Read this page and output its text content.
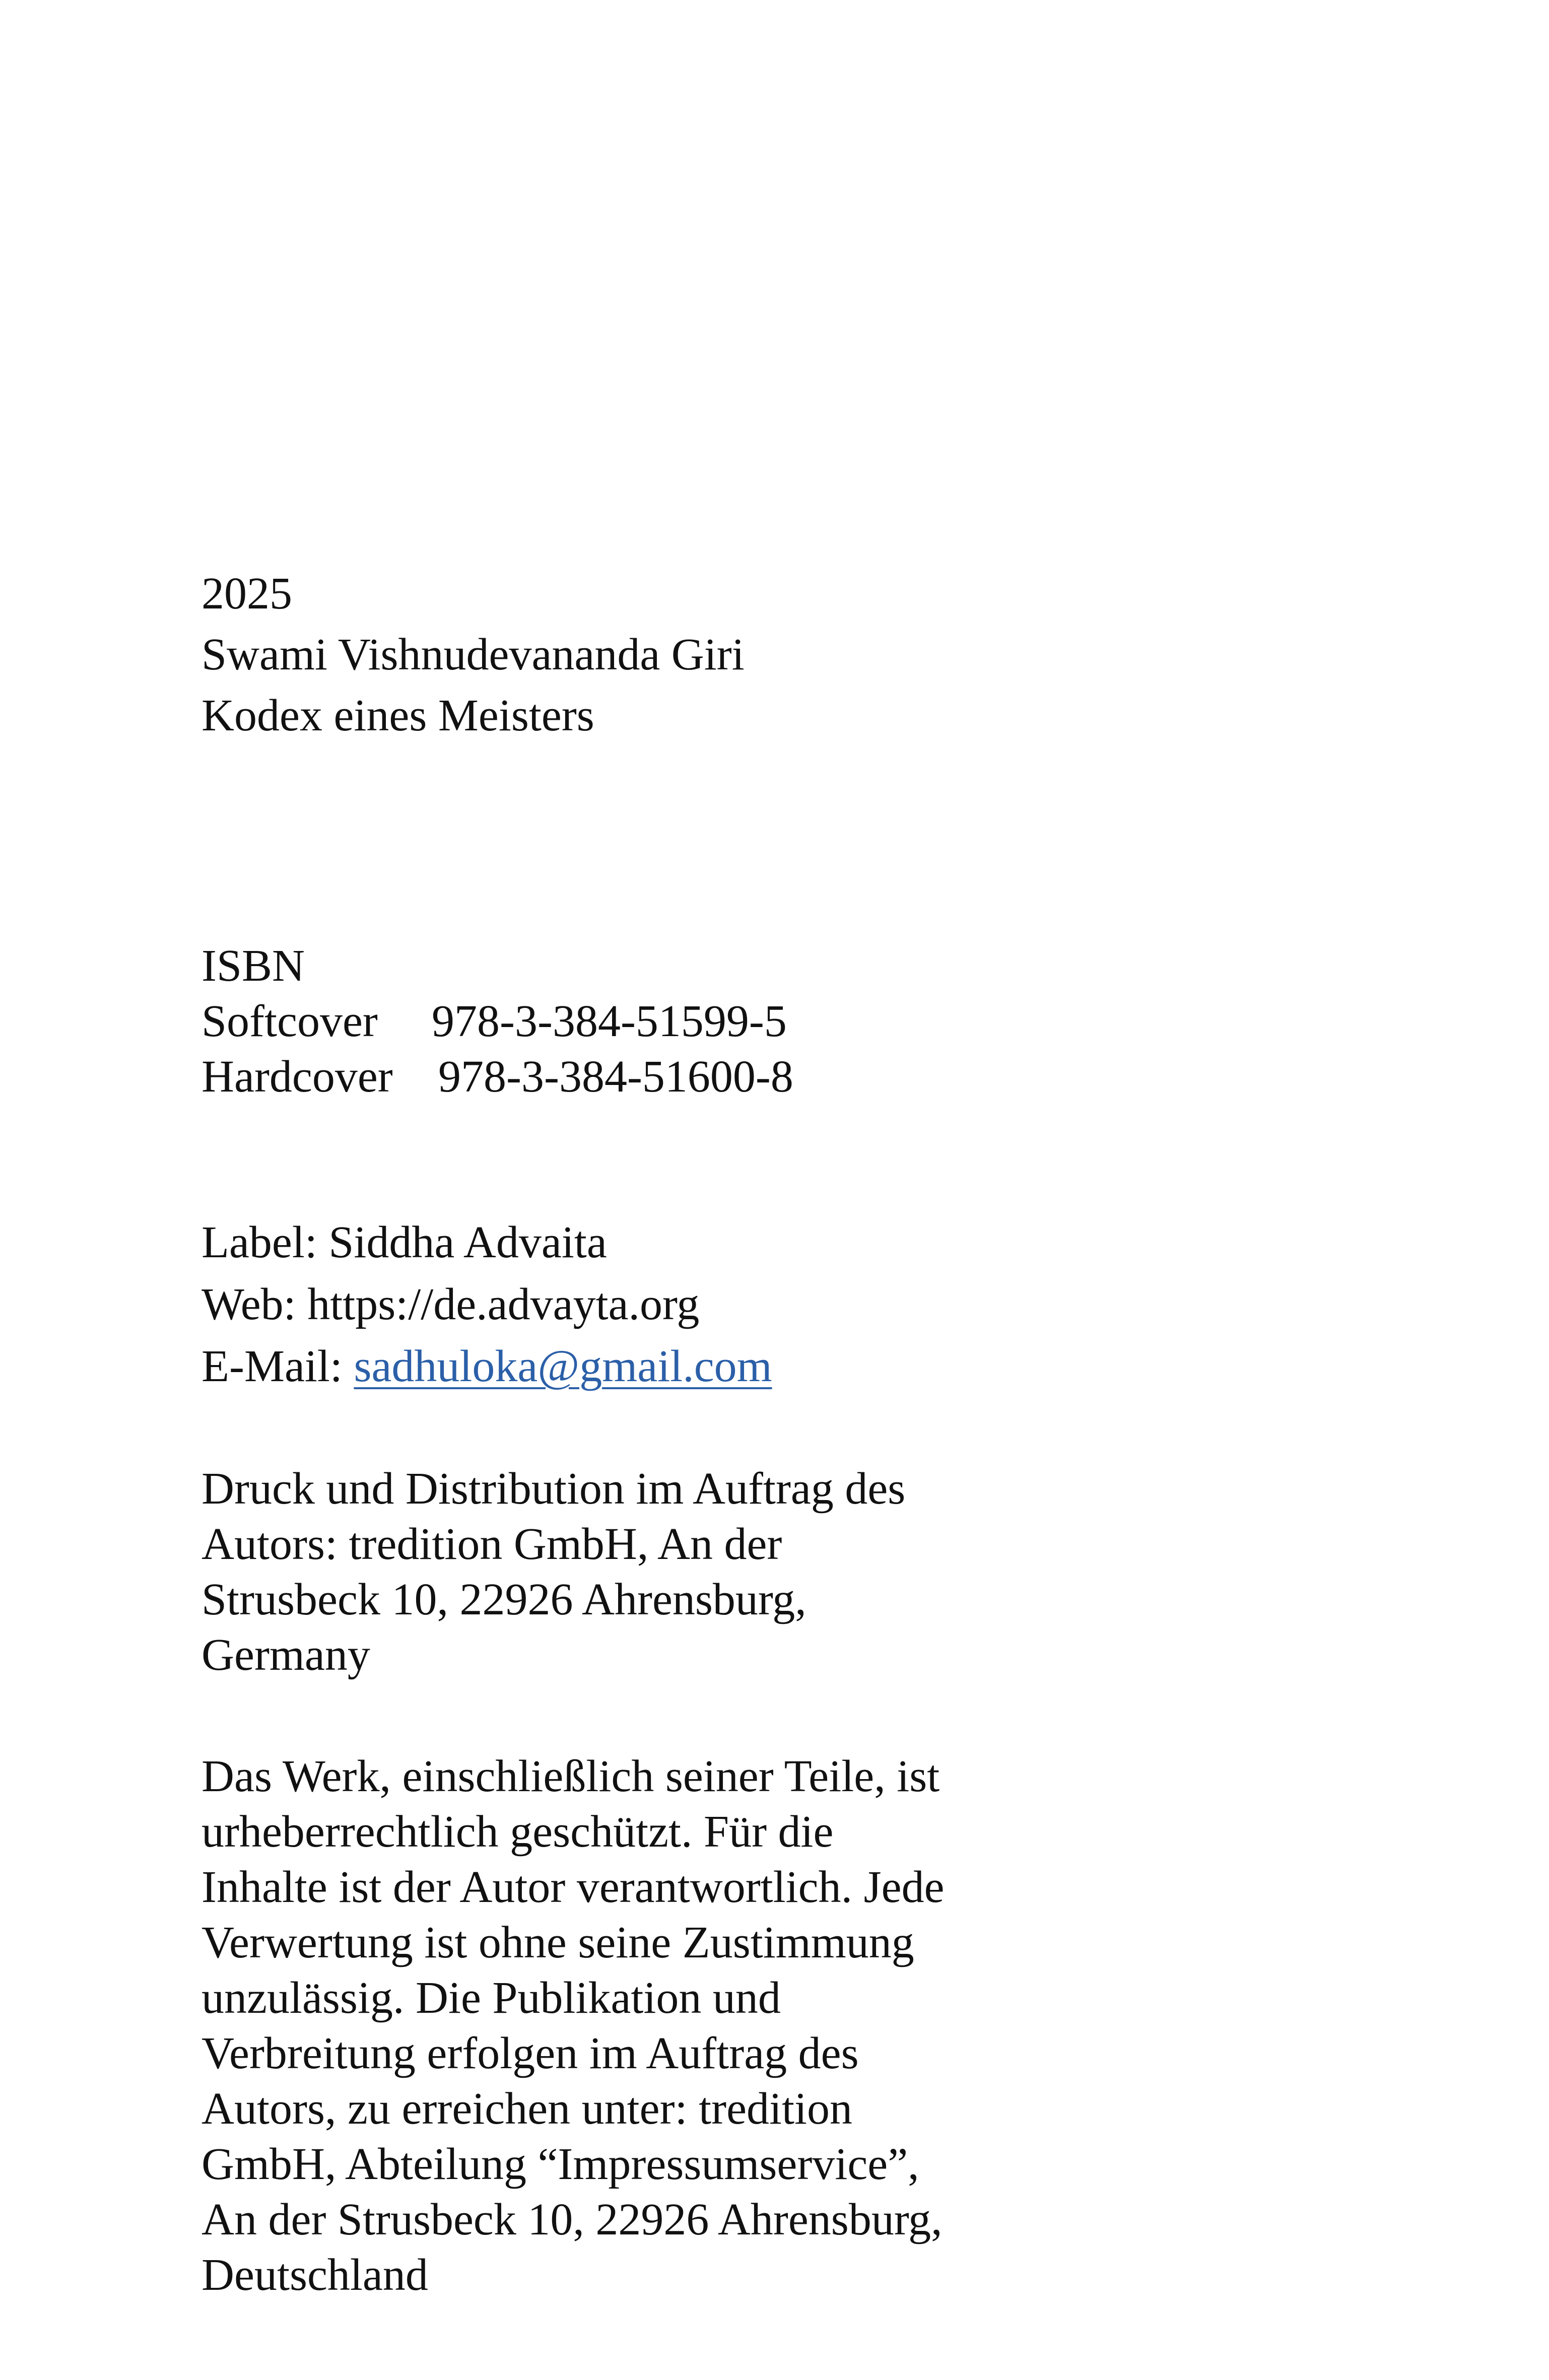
2025
Swami Vishnudevananda Giri
Kodex eines Meisters
ISBN
Softcover 978-3-384-51599-5
Hardcover 978-3-384-51600-8
Label: Siddha Advaita
Web: https://de.advayta.org
E-Mail: sadhuloka@gmail.com
Druck und Distribution im Auftrag des
Autors: tredition GmbH, An der
Strusbeck 10, 22926 Ahrensburg,
Germany
Das Werk, einschließlich seiner Teile, ist
urheberrechtlich geschützt. Für die
Inhalte ist der Autor verantwortlich. Jede
Verwertung ist ohne seine Zustimmung
unzulässig. Die Publikation und
Verbreitung erfolgen im Auftrag des
Autors, zu erreichen unter: tredition
GmbH, Abteilung “Impressumservice”,
An der Strusbeck 10, 22926 Ahrensburg,
Deutschland
